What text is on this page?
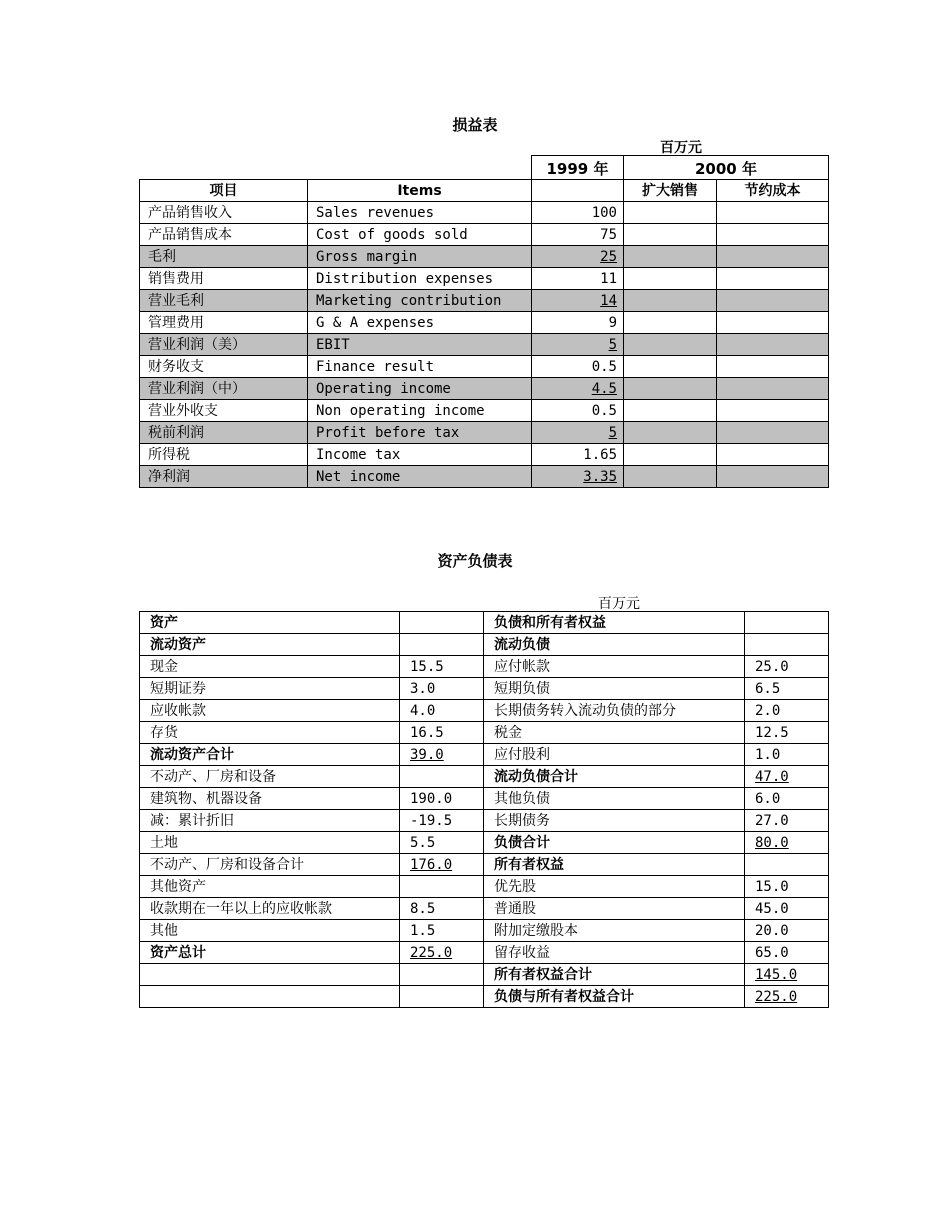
损益表
百万元
		1999 年	2000 年	
项目	Items		扩大销售	节约成本
产品销售收入	Sales revenues	100		
产品销售成本	Cost of goods sold	75		
毛利	Gross margin	25		
销售费用	Distribution expenses	11		
营业毛利	Marketing contribution	14		
管理费用	G & A expenses	9		
营业利润（美）	EBIT	5		
财务收支	Finance result	0.5		
营业利润（中）	Operating income	4.5		
营业外收支	Non operating income	0.5		
税前利润	Profit before tax	5		
所得税	Income tax	1.65		
净利润	Net income	3.35		
资产负债表
百万元
资产		负债和所有者权益	
流动资产		流动负债	
现金	15.5	应付帐款	25.0
短期证券	3.0	短期负债	6.5
应收帐款	4.0	长期债务转入流动负债的部分	2.0
存货	16.5	税金	12.5
流动资产合计	39.0	应付股利	1.0
不动产、厂房和设备		流动负债合计	47.0
建筑物、机器设备	190.0	其他负债	6.0
减：累计折旧	-19.5	长期债务	27.0
土地	5.5	负债合计	80.0
不动产、厂房和设备合计	176.0	所有者权益	
其他资产		优先股	15.0
收款期在一年以上的应收帐款	8.5	普通股	45.0
其他	1.5	附加定缴股本	20.0
资产总计	225.0	留存收益	65.0
		所有者权益合计	145.0
		负债与所有者权益合计	225.0
